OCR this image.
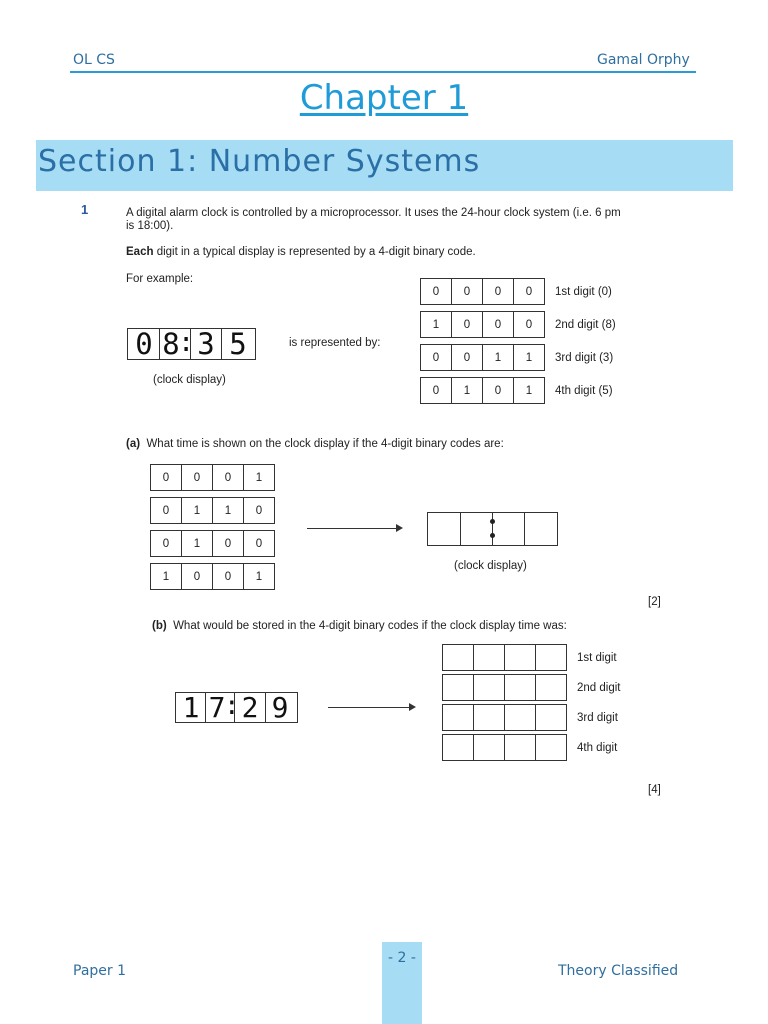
OL CS	Gamal Orphy
Chapter 1
Section 1: Number Systems
1	A digital alarm clock is controlled by a microprocessor. It uses the 24-hour clock system (i.e. 6 pm
is 18:00).
Each digit in a typical display is represented by a 4-digit binary code.
For example:
0 8
: 3 5
(clock display)
is represented by:
0	0	0	0	1st digit (0)
1	0	0	0	2nd digit (8)
0	0	1	1	3rd digit (3)
0	1	0	1	4th digit (5)
(a) What time is shown on the clock display if the 4-digit binary codes are:
0	0	0	1
0	1	1	0
0	1	0	0
1	0	0	1
(clock display)
[2]
(b) What would be stored in the 4-digit binary codes if the clock display time was:
1 7
: 2 9
				1st digit
				2nd digit
				3rd digit
				4th digit
[4]
Paper 1
- 2 -
Theory Classified
